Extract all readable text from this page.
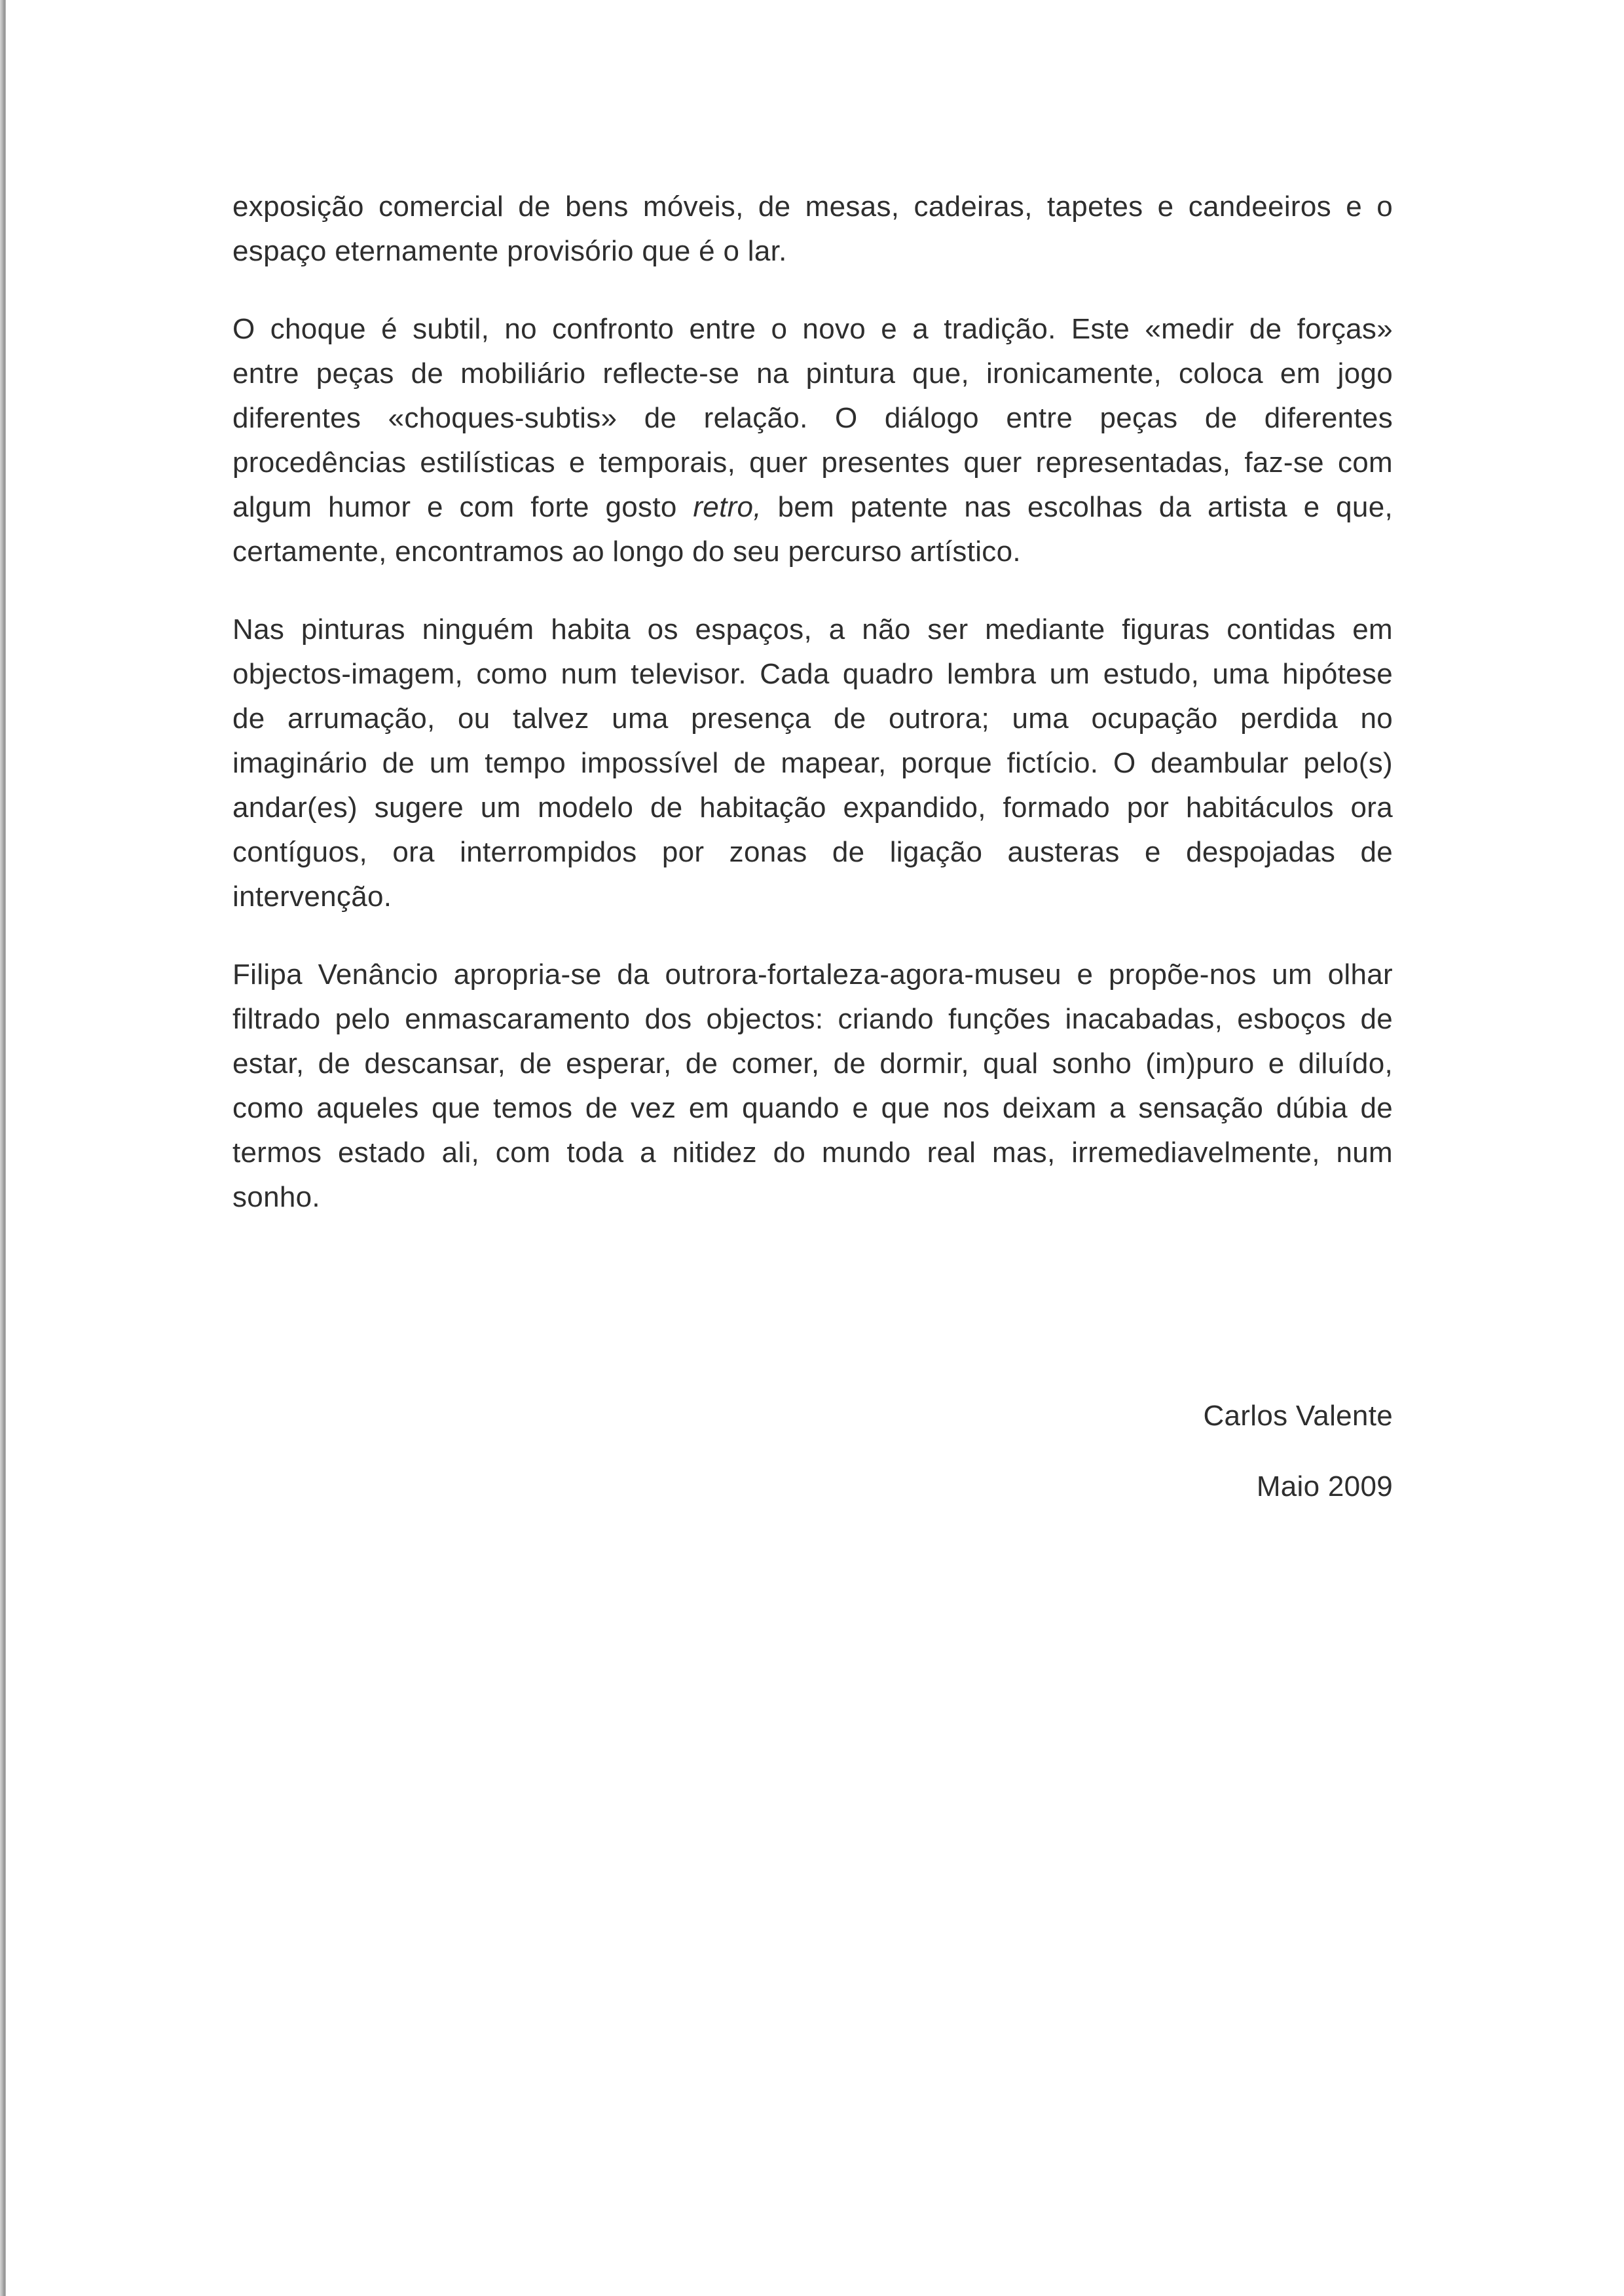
exposição comercial de bens móveis, de mesas, cadeiras, tapetes e candeeiros e o
espaço eternamente provisório que é o lar.
O choque é subtil, no confronto entre o novo e a tradição. Este «medir de forças»
entre peças de mobiliário reflecte-se na pintura que, ironicamente, coloca em jogo
diferentes «choques-subtis» de relação. O diálogo entre peças de diferentes
procedências estilísticas e temporais, quer presentes quer representadas, faz-se com
algum humor e com forte gosto retro, bem patente nas escolhas da artista e que,
certamente, encontramos ao longo do seu percurso artístico.
Nas pinturas ninguém habita os espaços, a não ser mediante figuras contidas em
objectos-imagem, como num televisor. Cada quadro lembra um estudo, uma hipótese
de arrumação, ou talvez uma presença de outrora; uma ocupação perdida no
imaginário de um tempo impossível de mapear, porque fictício. O deambular pelo(s)
andar(es) sugere um modelo de habitação expandido, formado por habitáculos ora
contíguos, ora interrompidos por zonas de ligação austeras e despojadas de
intervenção.
Filipa Venâncio apropria-se da outrora-fortaleza-agora-museu e propõe-nos um olhar
filtrado pelo enmascaramento dos objectos: criando funções inacabadas, esboços de
estar, de descansar, de esperar, de comer, de dormir, qual sonho (im)puro e diluído,
como aqueles que temos de vez em quando e que nos deixam a sensação dúbia de
termos estado ali, com toda a nitidez do mundo real mas, irremediavelmente, num
sonho.
Carlos Valente
Maio 2009
